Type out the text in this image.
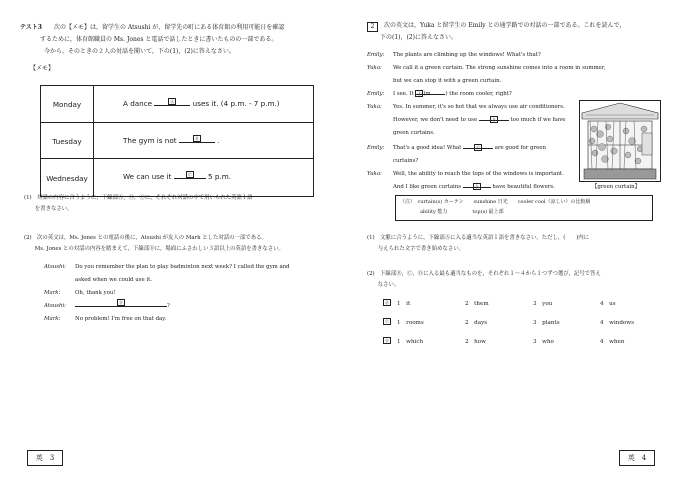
テスト3 次の【メモ】は，留学生の Atsushi が，留学先の町にある体育館の利用可能日を確認
するために，体育館職員の Ms. Jones と電話で話したときに書いたものの一部である。
今から，そのときの２人の対話を聞いて，下の(1)，(2)に答えなさい。
【メモ】
Monday	A dance	Ⓐ uses it. (4 p.m. - 7 p.m.)
Tuesday	The gym is not	Ⓑ .
Wednesday	We can use it	Ⓒ 5 p.m.
(1)　対話の内容に合うように，下線部Ⓐ，Ⓑ，Ⓒに，それぞれ対話の中で用いられた英語１語
　　を書きなさい。
(2)　次の英文は，Ms. Jones との電話の後に，Atsushi が友人の Mark とした対話の一部である。
　　Ms. Jones との対話の内容を踏まえて，下線部Ⓓに，場面にふさわしい３語以上の英語を書きなさい。
Atsushi: Do you remember the plan to play badminton next week? I called the gym and
asked when we could use it.
Mark:	Oh, thank you!
Atsushi:
Ⓓ
?
Mark:	No problem! I'm free on that day.
英　3
2	次の英文は，Yuka と留学生の Emily との通学路での対話の一部である。これを読んで，
下の(1)，(2)に答えなさい。
Emily: The plants are climbing up the windows! What's that?
Yuka: We call it a green curtain. The strong sunshine comes into a room in summer,
but we can stop it with a green curtain.
Emily: I see. It Ⓐ (m	) the room cooler, right?
Yuka: Yes. In summer, it's so hot that we always use air conditioners.
However, we don't need to use	Ⓑ too much if we have
green curtains.
Emily: That's a good idea! What	Ⓒ are good for green
curtains?
Yuka: Well, the ability to reach the tops of the windows is important.
And I like green curtains	Ⓓ have beautiful flowers.	【green curtain】
（注）　curtain(s) カーテン　　sunshine 日光　　cooler cool（涼しい）の比較級
　　　　ability 能力　　　　　top(s) 最上部
(1)　文脈に合うように，下線部Ⓐに入る適当な英語１語を書きなさい。ただし，(　　)内に
　　与えられた文字で書き始めなさい。
(2)　下線部Ⓑ，Ⓒ，Ⓓに入る最も適当なものを，それぞれ１～４から１つずつ選び，記号で答え
　　なさい。
Ⓑ	1　it	2　them	3　you	4　us
Ⓒ	1　rooms	2　days	3　plants	4　windows
Ⓓ	1　which	2　how	3　who	4　when
英　4
